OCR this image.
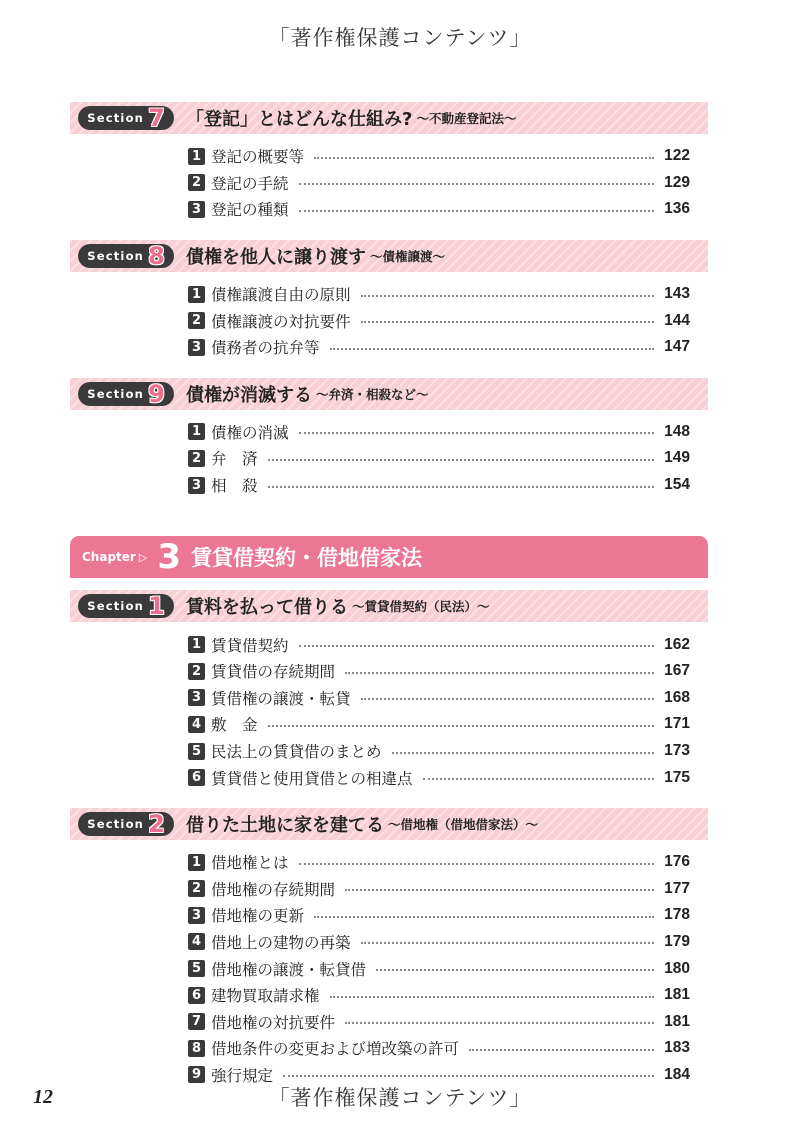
「著作権保護コンテンツ」
Section 7 「登記」とはどんな仕組み? 〜不動産登記法〜
1 登記の概要等	122
2 登記の手続	129
3 登記の種類	136
Section 8 債権を他人に譲り渡す 〜債権譲渡〜
1 債権譲渡自由の原則	143
2 債権譲渡の対抗要件	144
3 債務者の抗弁等	147
Section 9 債権が消滅する 〜弁済・相殺など〜
1 債権の消滅	148
2 弁　済	149
3 相　殺	154
Chapter ▷ 3 賃貸借契約・借地借家法
Section 1 賃料を払って借りる 〜賃貸借契約（民法）〜
1 賃貸借契約	162
2 賃貸借の存続期間	167
3 賃借権の譲渡・転貸	168
4 敷　金	171
5 民法上の賃貸借のまとめ	173
6 賃貸借と使用貸借との相違点	175
Section 2 借りた土地に家を建てる 〜借地権（借地借家法）〜
1 借地権とは	176
2 借地権の存続期間	177
3 借地権の更新	178
4 借地上の建物の再築	179
5 借地権の譲渡・転貸借	180
6 建物買取請求権	181
7 借地権の対抗要件	181
8 借地条件の変更および増改築の許可	183
9 強行規定	184
12	「著作権保護コンテンツ」
